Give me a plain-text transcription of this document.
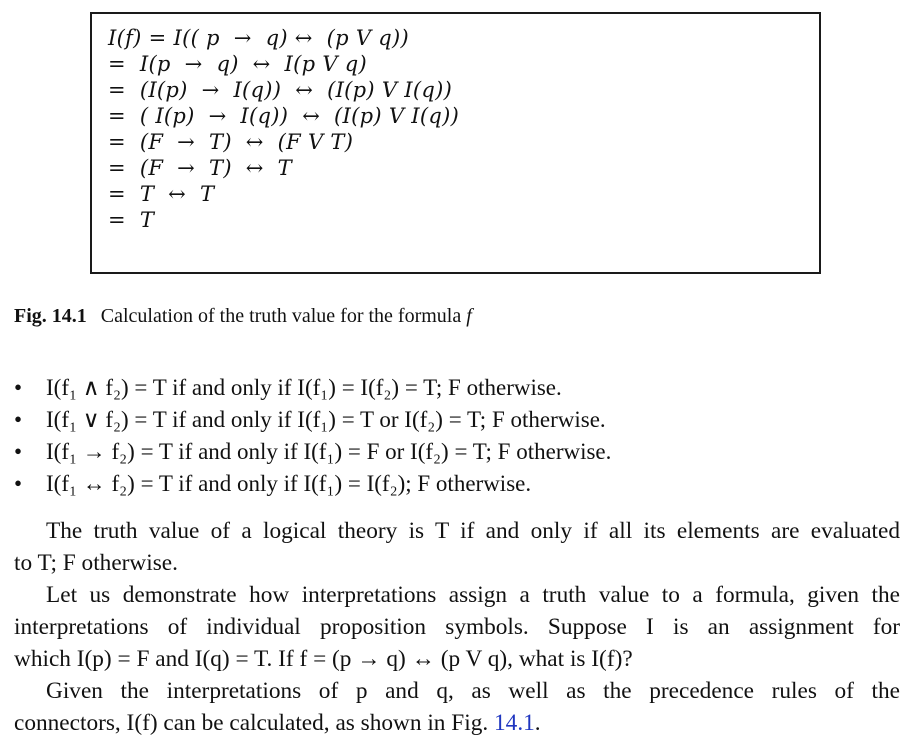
I(f) = I(( p  →  q) ↔  (p V q))
=  I(p  →  q)  ↔  I(p V q)
=  (I(p)  →  I(q))  ↔  (I(p) V I(q))
=  ( I(p)  →  I(q))  ↔  (I(p) V I(q))
=  (F  →  T)  ↔  (F V T)
=  (F  →  T)  ↔  T
=  T  ↔  T
=  T
Fig. 14.1 Calculation of the truth value for the formula f
• I(f₁ ∧ f₂) = T if and only if I(f₁) = I(f₂) = T; F otherwise.
• I(f₁ ∨ f₂) = T if and only if I(f₁) = T or I(f₂) = T; F otherwise.
• I(f₁ → f₂) = T if and only if I(f₁) = F or I(f₂) = T; F otherwise.
• I(f₁ ↔ f₂) = T if and only if I(f₁) = I(f₂); F otherwise.
The truth value of a logical theory is T if and only if all its elements are evaluated
to T; F otherwise.
Let us demonstrate how interpretations assign a truth value to a formula, given the
interpretations of individual proposition symbols. Suppose I is an assignment for
which I(p) = F and I(q) = T. If f = (p → q) ↔ (p V q), what is I(f)?
Given the interpretations of p and q, as well as the precedence rules of the
connectors, I(f) can be calculated, as shown in Fig. 14.1.
